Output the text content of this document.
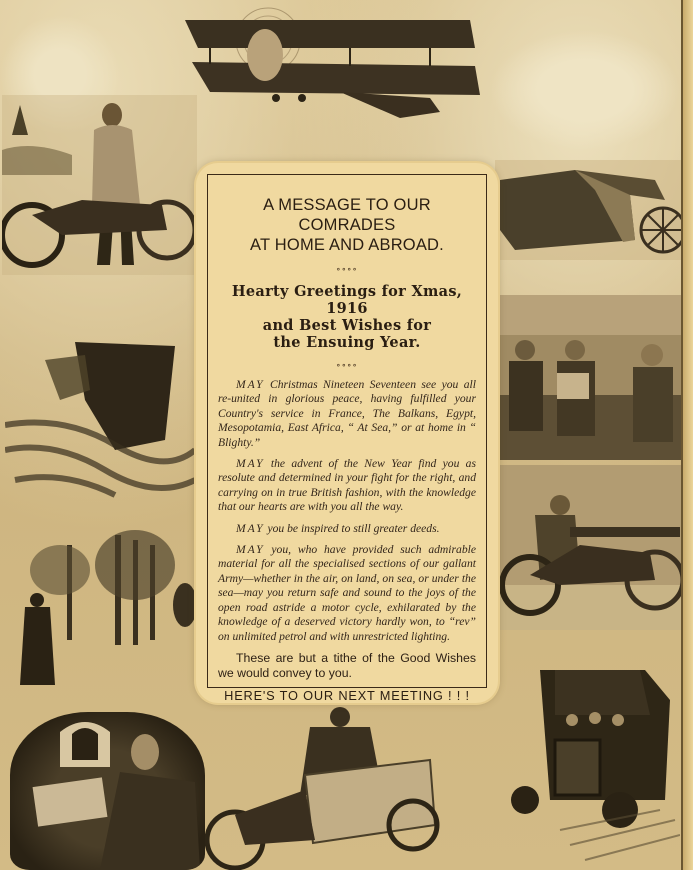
A MESSAGE TO OUR COMRADES
AT HOME AND ABROAD.
∘∘∘∘
Hearty Greetings for Xmas, 1916
and Best Wishes for
the Ensuing Year.
∘∘∘∘

MAY Christmas Nineteen Seventeen see you all re-united in glorious peace, having fulfilled your Country's service in France, The Balkans, Egypt, Mesopotamia, East Africa, “ At Sea,” or at home in “ Blighty.”

MAY the advent of the New Year find you as resolute and determined in your fight for the right, and carrying on in true British fashion, with the knowledge that our hearts are with you all the way.

MAY you be inspired to still greater deeds.

MAY you, who have provided such admirable material for all the specialised sections of our gallant Army—whether in the air, on land, on sea, or under the sea—may you return safe and sound to the joys of the open road astride a motor cycle, exhilarated by the knowledge of a deserved victory hardly won, to “rev” on unlimited petrol and with unrestricted lighting.

These are but a tithe of the Good Wishes we would convey to you.

HERE'S TO OUR NEXT MEETING ! ! !
